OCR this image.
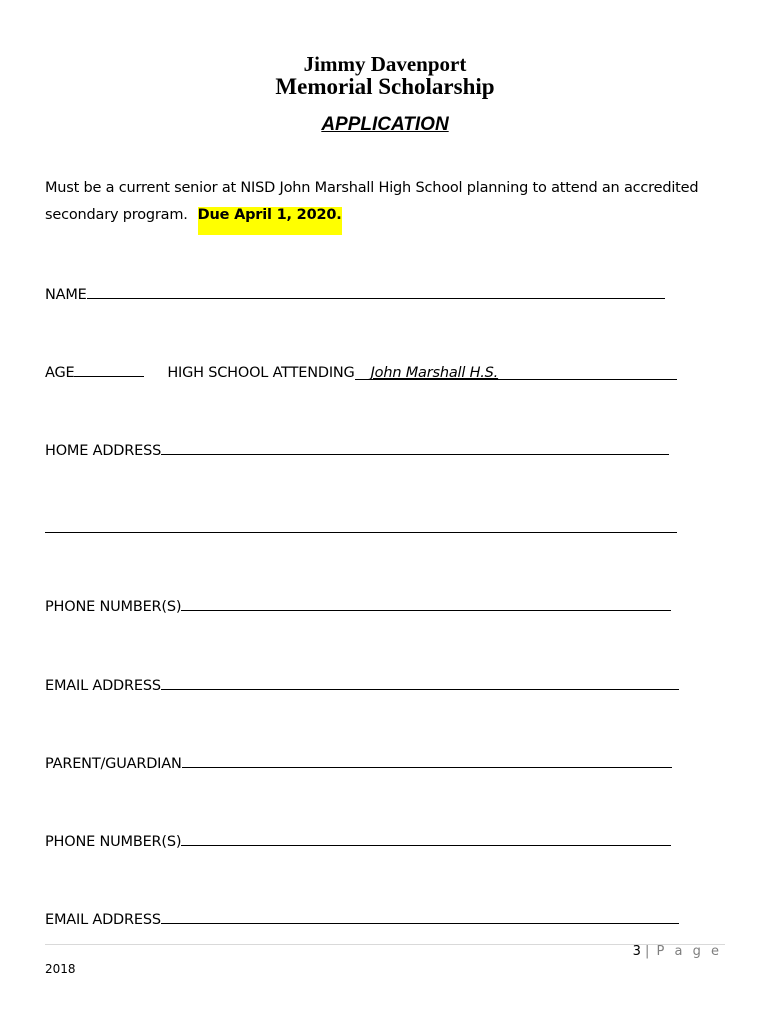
Jimmy Davenport
Memorial Scholarship
APPLICATION
Must be a current senior at NISD John Marshall High School planning to attend an accredited
secondary program. Due April 1, 2020.
NAME
AGE	HIGH SCHOOL ATTENDING John Marshall H.S.
HOME ADDRESS
PHONE NUMBER(S)
EMAIL ADDRESS
PARENT/GUARDIAN
PHONE NUMBER(S)
EMAIL ADDRESS
3 | P a g e
2018
